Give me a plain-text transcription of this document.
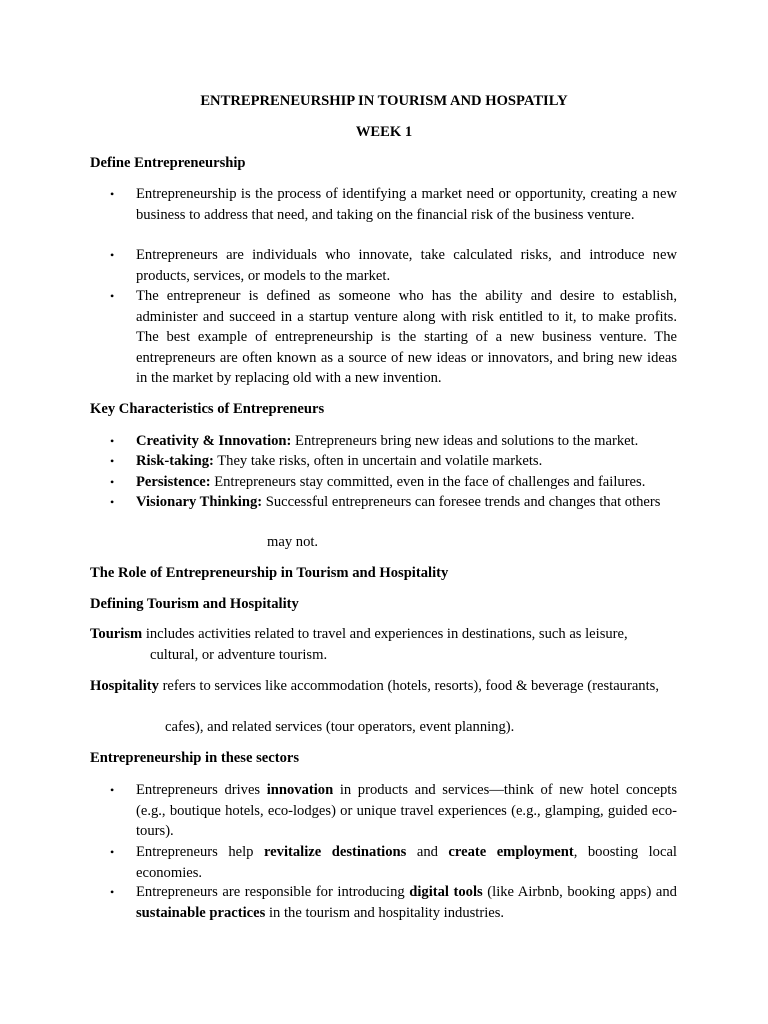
ENTREPRENEURSHIP IN TOURISM AND HOSPATILY

WEEK 1

Define Entrepreneurship

•	Entrepreneurship is the process of identifying a market need or opportunity, creating a new business to address that need, and taking on the financial risk of the business venture.

•	Entrepreneurs are individuals who innovate, take calculated risks, and introduce new products, services, or models to the market.

•	The entrepreneur is defined as someone who has the ability and desire to establish, administer and succeed in a startup venture along with risk entitled to it, to make profits. The best example of entrepreneurship is the starting of a new business venture. The entrepreneurs are often known as a source of new ideas or innovators, and bring new ideas in the market by replacing old with a new invention.

Key Characteristics of Entrepreneurs

•	Creativity & Innovation: Entrepreneurs bring new ideas and solutions to the market.

•	Risk-taking: They take risks, often in uncertain and volatile markets.

•	Persistence: Entrepreneurs stay committed, even in the face of challenges and failures.

•	Visionary Thinking: Successful entrepreneurs can foresee trends and changes that others

may not.

The Role of Entrepreneurship in Tourism and Hospitality

Defining Tourism and Hospitality

Tourism includes activities related to travel and experiences in destinations, such as leisure,

cultural, or adventure tourism.

Hospitality refers to services like accommodation (hotels, resorts), food & beverage (restaurants,

cafes), and related services (tour operators, event planning).

Entrepreneurship in these sectors

•	Entrepreneurs drives innovation in products and services—think of new hotel concepts (e.g., boutique hotels, eco-lodges) or unique travel experiences (e.g., glamping, guided eco-tours).

•	Entrepreneurs help revitalize destinations and create employment, boosting local economies.

•	Entrepreneurs are responsible for introducing digital tools (like Airbnb, booking apps) and sustainable practices in the tourism and hospitality industries.
